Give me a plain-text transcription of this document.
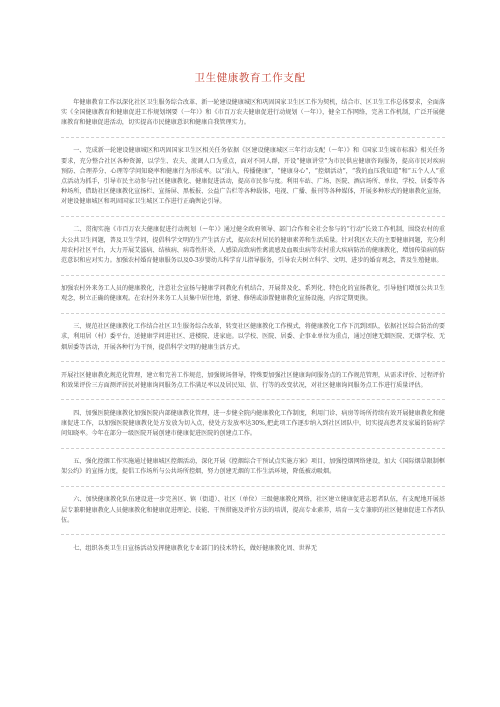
卫生健康教育工作支配

年健康教育工作以深化社区卫生服务综合改革、新一轮建设健康城区和巩固国家卫生区工作为契机，结合市、区卫生工作总体要求，全面落实《全国健康教育和健康促进工作规划纲要（一年）》和《市百万农夫健康促进行动规划（一年）》，健全工作网络，完善工作机制，广泛开展健康教育和健康促进活动，切实提高市民健康意识和健康自我管理实力。

一、完成新一轮建设健康城区和巩固国家卫生区相关任务依据《区建设健康城区三年行动支配（～年）》和《国家卫生城市标准》相关任务要求，充分整合社区各种资源，以学生、农夫、流调人口为重点，面对不同人群，开设“健康讲堂”为市民供应健康咨询服务，提高市民对疾病预防、合理养分、心理等学问知晓率和健康行为形成率。以“油入，传播健康”，“健康身心”，“控烟活动”，“我的血压我知道”和“五个人人”重点活动为抓手，引导市民主动参与社区健康教化、健康促进活动，提高市民参与度。利用车站、广场、医院、酒店场所、单位、学校、居委等各种场所，借助社区健康教化宣扬栏、宣扬屏、黑板报、公益广告栏等各种载体，电视、广播、报刊等各种媒体，开展多种形式的健康教化宣扬，对建设健康城区和巩固国家卫生城区工作进行正确舆论引导。

二、贯彻实施《市百万农夫健康促进行动规划（～年）》通过健全政府领导、部门合作和全社会参与的“行动”长效工作机制，围绕农村的重大公共卫生问题，普及卫生学问，提倡科学文明的生产生活方式，提高农村居民的健康素养和生活质量。针对我区农夫的主要健康问题，充分利用农村社区平台，大力开展艾滋病、结核病、病毒性肝炎、人感染高致病性禽流感及血吸虫病等农村重大疾病防治的健康教化，增加传染病的防范意识和应对实力。加强农村婚育健康服务以及0-3岁婴幼儿科学育儿指导服务，引导农夫树立科学、文明、进步的婚育观念，普及生殖健康。

加强农村外来务工人员的健康教化，注意社会宣扬与健康学问教化有机结合，开展普及化、系列化、特色化的宣扬教化，引导他们增加公共卫生观念，树立正确的健康观。在农村外来务工人员集中居住地，新建、修缮或添置健康教化宣扬设施，内容定期更换。

三、规范社区健康教化工作结合社区卫生服务综合改革，转变社区健康教化工作模式，将健康教化工作下沉到团队，依据社区综合防治的要求，利用居（村）委平台，送健康学问进社区、进楼院、进家庭。以学校、医院、居委、企事业单位为重点，通过创建无烟医院、无烟学校、无烟居委等活动，开展各种行为干预，提倡科学文明的健康生活方式。

开展社区健康教化规范化管理，建立和完善工作规范，加强规场督导，特殊要加强社区健康询问服务点的工作规范管理，从需求评价、过程评价和效果评价三方面测评居民对健康询问服务点工作满足率以及居民知、信、行等的改变状况，对社区健康询问服务点工作进行质量评估。

四、加强医院健康教化加强医院内部健康教化管理，进一步健全院内健康教化工作制度，利用门诊、病房等场所持续有效开展健康教化和健康促进工作，以加强医院健康教化处方发放为切入点，使处方发放率达30%,把此项工作逐步纳入到社区团队中，切实提高患者及家属的防病学问知晓率。今年在部分一级医院开展创建市健康促进医院的创建点工作。

五、强化控烟工作实施通过健康城区控烟活动，深化开展《控烟综合干预试点实施方案》项目，加强控烟网络建设，加大《国际烟草限制框架公约》的宣扬力度，提倡工作场所与公共场所控烟，努力创建无烟的工作生活环境，降低被动吸烟。

六、加快健康教化队伍建设进一步完善区、镇（街道）、社区（单位）三级健康教化网络，社区建立健康促进志愿者队伍，有支配地开展基层专兼职健康教化人员健康教化和健康促进理论、技能、干预措施及评价方法的培训，提高专业素养，培育一支专兼职的社区健康促进工作者队伍。

七、组织各类卫生日宣扬活动发挥健康教化专业部门的技术特长，做好健康教化周、世界无
